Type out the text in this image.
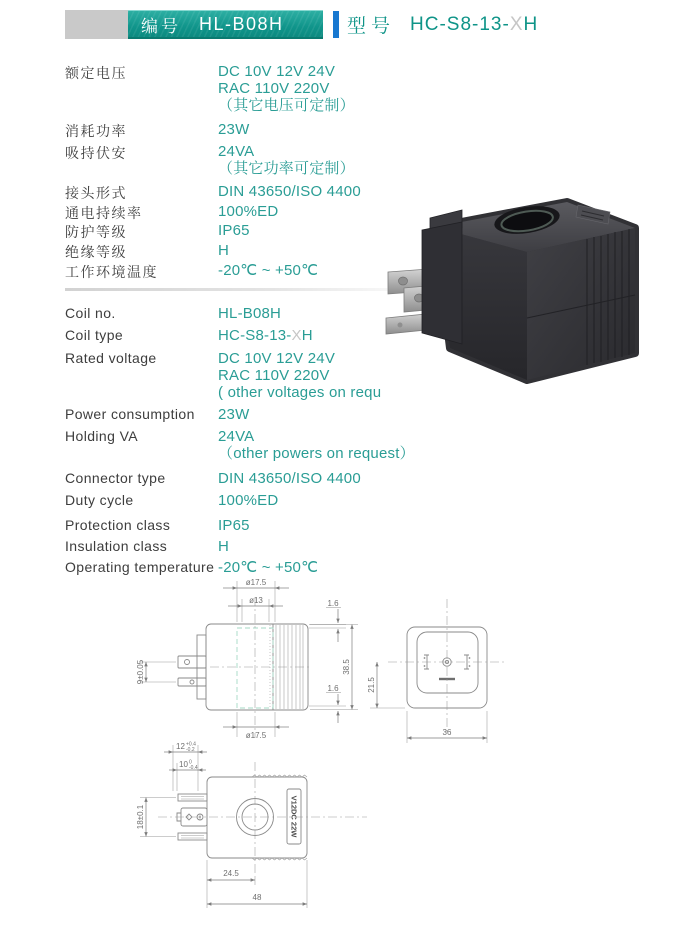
编号 HL-B08H	型号 HC-S8-13-XH
额定电压	DC 10V 12V 24V
RAC 110V 220V
（其它电压可定制）
消耗功率	23W
吸持伏安	24VA
（其它功率可定制）
接头形式	DIN 43650/ISO 4400
通电持续率	100%ED
防护等级	IP65
绝缘等级	H
工作环境温度	-20℃ ~ +50℃
Coil no.	HL-B08H
Coil type	HC-S8-13-XH
Rated voltage	DC 10V 12V 24V
RAC 110V 220V
( other voltages on requ
Power consumption 23W
Holding VA	24VA
（other powers on request）
Connector type	DIN 43650/ISO 4400
Duty cycle	100%ED
Protection class	IP65
Insulation class	H
Operating temperature -20℃ ~ +50℃
ø17.5
ø13	1.6
38.5
1.6
9±0.05
ø17.5
21.5
36
V12DC 22W
12 +0.4
-0.2
10 0
-0.4
18±0.1
24.5
48
